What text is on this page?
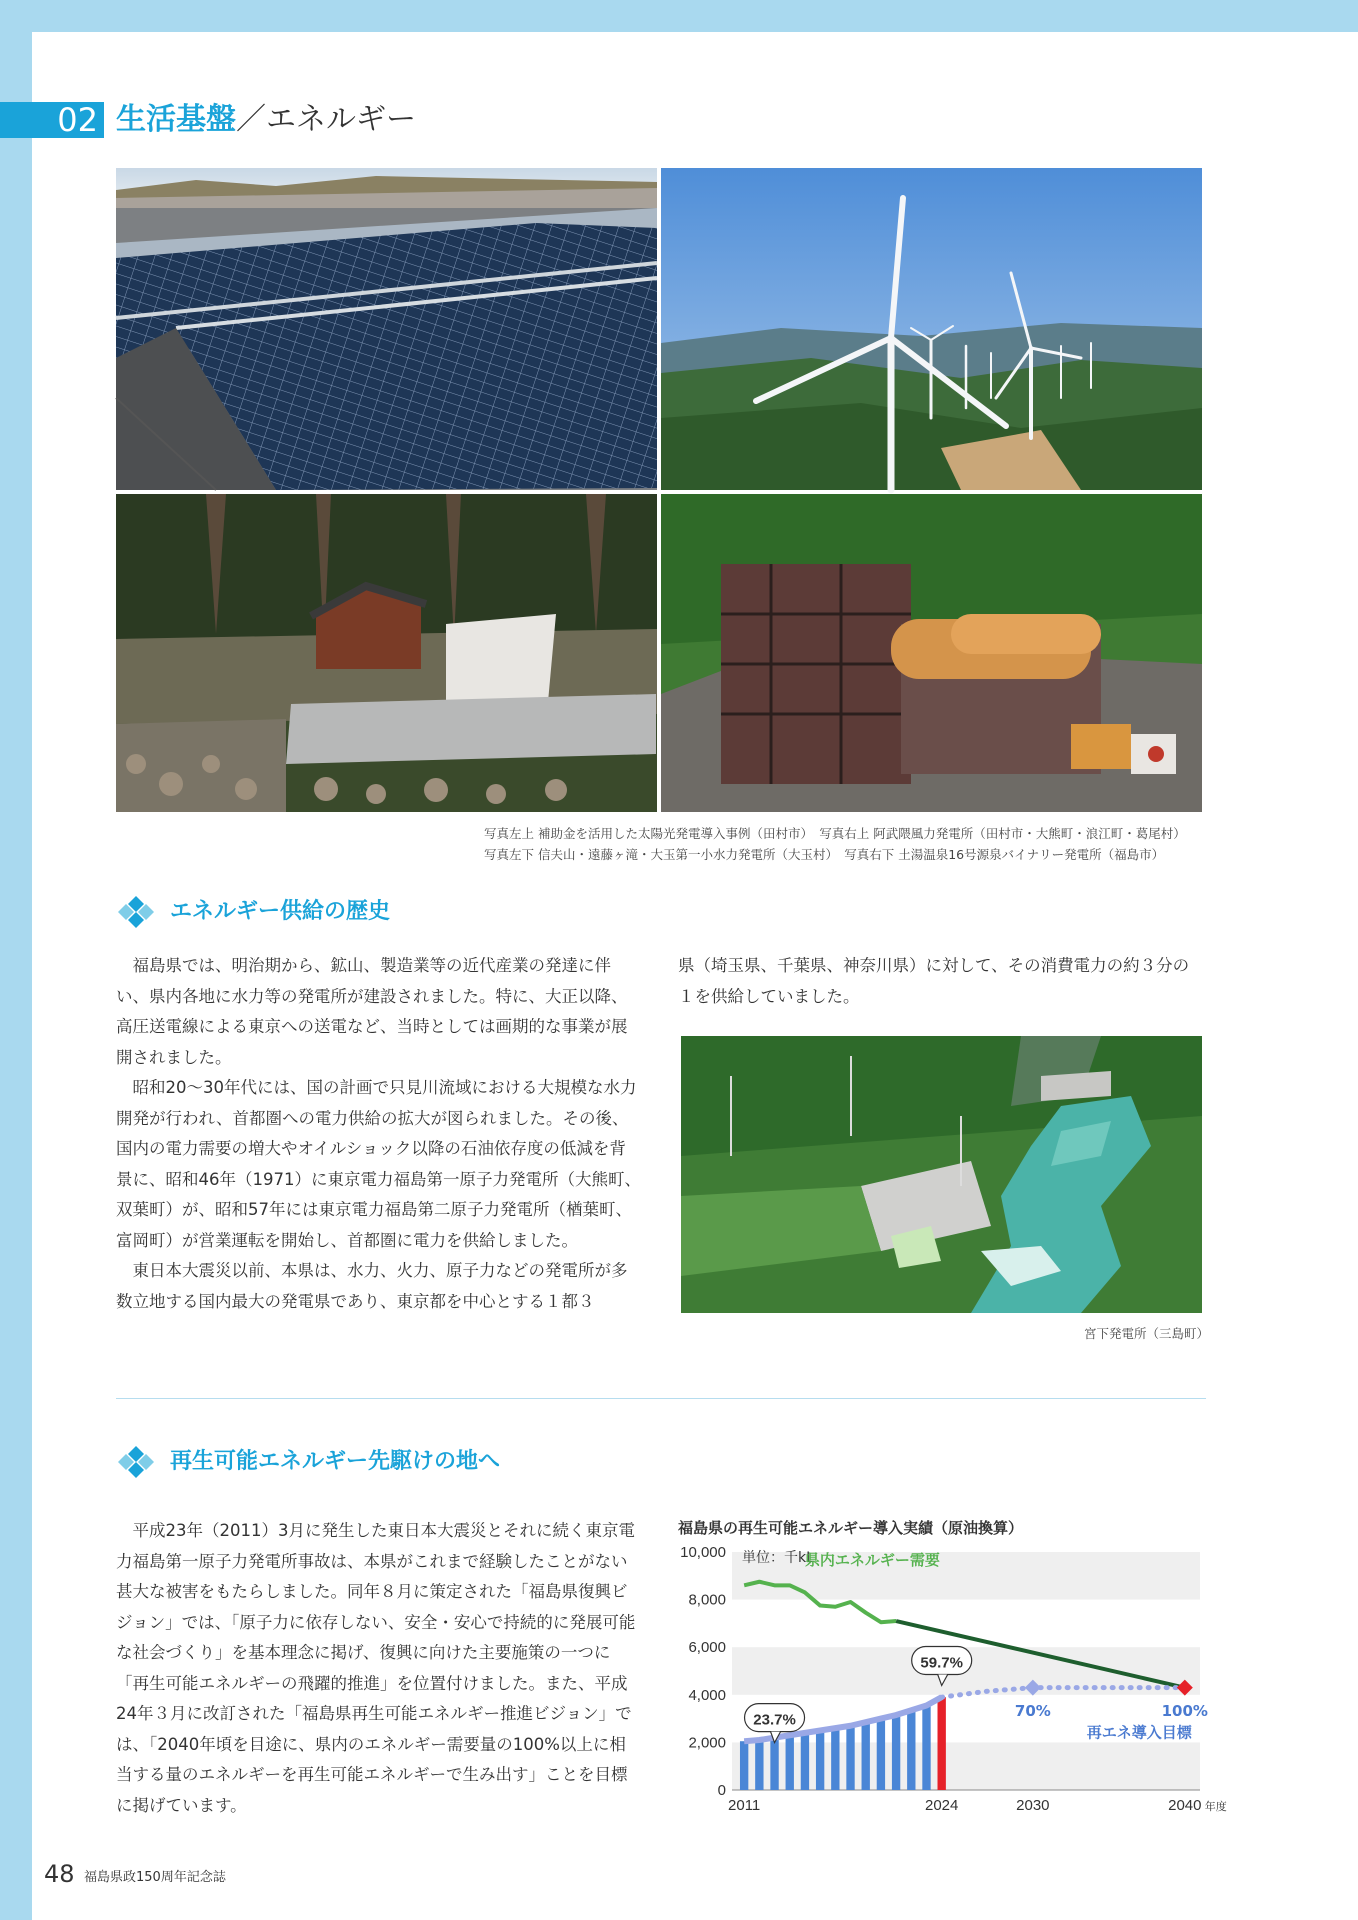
02 生活基盤／エネルギー
写真左上 補助金を活用した太陽光発電導入事例（田村市）　写真右上 阿武隈風力発電所（田村市・大熊町・浪江町・葛尾村）
写真左下 信夫山・遠藤ヶ滝・大玉第一小水力発電所（大玉村）　写真右下 土湯温泉16号源泉バイナリー発電所（福島市）
エネルギー供給の歴史

福島県では、明治期から、鉱山、製造業等の近代産業の発達に伴い、県内各地に水力等の発電所が建設されました。特に、大正以降、高圧送電線による東京への送電など、当時としては画期的な事業が展開されました。

昭和20～30年代には、国の計画で只見川流域における大規模な水力開発が行われ、首都圏への電力供給の拡大が図られました。その後、国内の電力需要の増大やオイルショック以降の石油依存度の低減を背景に、昭和46年（1971）に東京電力福島第一原子力発電所（大熊町、双葉町）が、昭和57年には東京電力福島第二原子力発電所（楢葉町、富岡町）が営業運転を開始し、首都圏に電力を供給しました。

東日本大震災以前、本県は、水力、火力、原子力などの発電所が多数立地する国内最大の発電県であり、東京都を中心とする１都３

県（埼玉県、千葉県、神奈川県）に対して、その消費電力の約３分の１を供給していました。

宮下発電所（三島町）
再生可能エネルギー先駆けの地へ

平成23年（2011）3月に発生した東日本大震災とそれに続く東京電力福島第一原子力発電所事故は、本県がこれまで経験したことがない甚大な被害をもたらしました。同年８月に策定された「福島県復興ビジョン」では、「原子力に依存しない、安全・安心で持続的に発展可能な社会づくり」を基本理念に掲げ、復興に向けた主要施策の一つに「再生可能エネルギーの飛躍的推進」を位置付けました。また、平成24年３月に改訂された「福島県再生可能エネルギー推進ビジョン」では、「2040年頃を目途に、県内のエネルギー需要量の100%以上に相当する量のエネルギーを再生可能エネルギーで生み出す」ことを目標に掲げています。

福島県の再生可能エネルギー導入実績（原油換算）
0
2,000
4,000
6,000
8,000
10,000 単位：千kL
県内エネルギー需要
23.7%
59.7%
70%	100%
再エネ導入目標
2011	2024	2030	2040 年度
48 福島県政150周年記念誌
